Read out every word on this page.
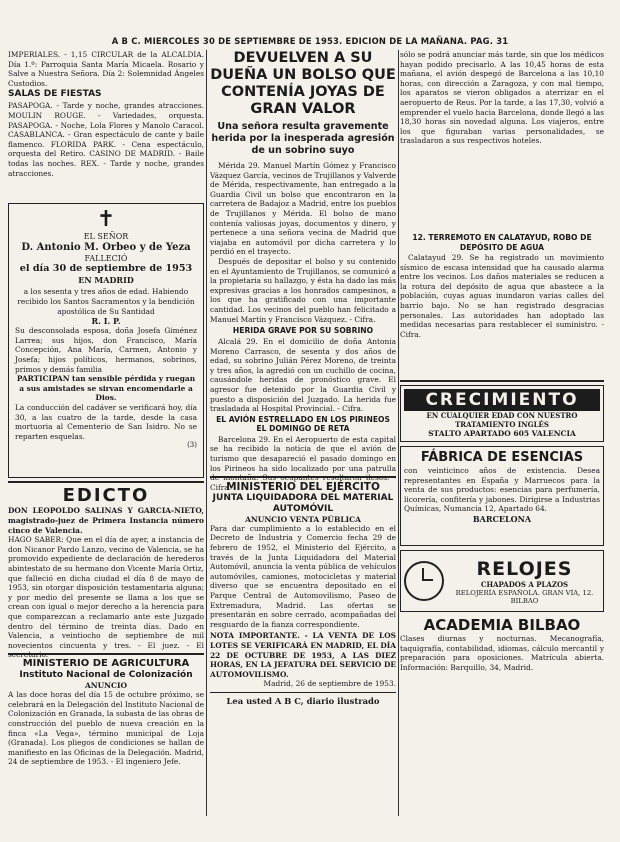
A B C. MIERCOLES 30 DE SEPTIEMBRE DE 1953. EDICION DE LA MAÑANA. PAG. 31

IMPERIALES. - 1,15 CIRCULAR de la ALCALDIA. Día 1.º: Parroquia Santa María Micaela. Rosario y Salve a Nuestra Señora. Día 2: Solemnidad Ángeles Custodios.

SALAS DE FIESTAS

PASAPOGA. - Tarde y noche, grandes atracciones. MOULIN ROUGE. - Variedades, orquesta. PASAPOGA. - Noche, Lola Flores y Manolo Caracol. CASABLANCA. - Gran espectáculo de cante y baile flamenco. FLORIDA PARK. - Cena espectáculo, orquesta del Retiro. CASINO DE MADRID. - Baile todas las noches. REX. - Tarde y noche, grandes atracciones.

✝
EL SEÑOR
D. Antonio M. Orbeo y de Yeza
FALLECIÓ
el día 30 de septiembre de 1953
EN MADRID

a los sesenta y tres años de edad. Habiendo recibido los Santos Sacramentos y la bendición apostólica de Su Santidad

R. I. P.

Su desconsolada esposa, doña Josefa Giménez Larrea; sus hijos, don Francisco, María Concepción, Ana María, Carmen, Antonio y Josefa; hijos políticos, hermanos, sobrinos, primos y demás familia

PARTICIPAN tan sensible pérdida y ruegan a sus amistades se sirvan encomendarle a Dios.

La conducción del cadáver se verificará hoy, día 30, a las cuatro de la tarde, desde la casa mortuoria al Cementerio de San Isidro. No se reparten esquelas.

(3)
EDICTO

DON LEOPOLDO SALINAS Y GARCIA-NIETO, magistrado-juez de Primera Instancia número cinco de Valencia.

HAGO SABER: Que en el día de ayer, a instancia de don Nicanor Pardo Lanzo, vecino de Valencia, se ha promovido expediente de declaración de herederos abintestato de su hermano don Vicente María Ortiz, que falleció en dicha ciudad el día 8 de mayo de 1953, sin otorgar disposición testamentaria alguna; y por medio del presente se llama a los que se crean con igual o mejor derecho a la herencia para que comparezcan a reclamarlo ante este Juzgado dentro del término de treinta días. Dado en Valencia, a veintiocho de septiembre de mil novecientos cincuenta y tres. - El juez. - El secretario.

MINISTERIO DE AGRICULTURA
Instituto Nacional de Colonización
ANUNCIO

A las doce horas del día 15 de octubre próximo, se celebrará en la Delegación del Instituto Nacional de Colonización en Granada, la subasta de las obras de construcción del pueblo de nueva creación en la finca «La Vega», término municipal de Loja (Granada). Los pliegos de condiciones se hallan de manifiesto en las Oficinas de la Delegación. Madrid, 24 de septiembre de 1953. - El ingeniero Jefe.

DEVUELVEN A SU DUEÑA UN BOLSO QUE CONTENÍA JOYAS DE GRAN VALOR
Una señora resulta gravemente herida por la inesperada agresión de un sobrino suyo

Mérida 29. Manuel Martín Gómez y Francisco Vázquez García, vecinos de Trujillanos y Valverde de Mérida, respectivamente, han entregado a la Guardia Civil un bolso que encontraron en la carretera de Badajoz a Madrid, entre los pueblos de Trujillanos y Mérida. El bolso de mano contenía valiosas joyas, documentos y dinero, y pertenece a una señora vecina de Madrid que viajaba en automóvil por dicha carretera y lo perdió en el trayecto.

Después de depositar el bolso y su contenido en el Ayuntamiento de Trujillanos, se comunicó a la propietaria su hallazgo, y ésta ha dado las más expresivas gracias a los honrados campesinos, a los que ha gratificado con una importante cantidad. Los vecinos del pueblo han felicitado a Manuel Martín y Francisco Vázquez. - Cifra.

HERIDA GRAVE POR SU SOBRINO

Alcalá 29. En el domicilio de doña Antonia Moreno Carrasco, de sesenta y dos años de edad, su sobrino Julián Pérez Moreno, de treinta y tres años, la agredió con un cuchillo de cocina, causándole heridas de pronóstico grave. El agresor fue detenido por la Guardia Civil y puesto a disposición del Juzgado. La herida fue trasladada al Hospital Provincial. - Cifra.

EL AVIÓN ESTRELLADO EN LOS PIRINEOS EL DOMINGO DE RETA

Barcelona 29. En el Aeropuerto de esta capital se ha recibido la noticia de que el avión de turismo que desapareció el pasado domingo en los Pirineos ha sido localizado por una patrulla de montaña. Sus ocupantes resultaron ilesos. - Cifra.

MINISTERIO DEL EJÉRCITO
JUNTA LIQUIDADORA DEL MATERIAL AUTOMÓVIL
ANUNCIO VENTA PÚBLICA

Para dar cumplimiento a lo establecido en el Decreto de Industria y Comercio fecha 29 de febrero de 1952, el Ministerio del Ejército, a través de la Junta Liquidadora del Material Automóvil, anuncia la venta pública de vehículos automóviles, camiones, motocicletas y material diverso que se encuentra depositado en el Parque Central de Automovilismo, Paseo de Extremadura, Madrid. Las ofertas se presentarán en sobre cerrado, acompañadas del resguardo de la fianza correspondiente.

NOTA IMPORTANTE. - LA VENTA DE LOS LOTES SE VERIFICARÁ EN MADRID, EL DÍA 22 DE OCTUBRE DE 1953, A LAS DIEZ HORAS, EN LA JEFATURA DEL SERVICIO DE AUTOMOVILISMO.

Madrid, 26 de septiembre de 1953.

Lea usted A B C, diario ilustrado

sólo se podrá anunciar más tarde, sin que los médicos hayan podido precisarlo. A las 10,45 horas de esta mañana, el avión despegó de Barcelona a las 10,10 horas, con dirección a Zaragoza, y con mal tiempo, los aparatos se vieron obligados a aterrizar en el aeropuerto de Reus. Por la tarde, a las 17,30, volvió a emprender el vuelo hacia Barcelona, donde llegó a las 18,30 horas sin novedad alguna. Los viajeros, entre los que figuraban varias personalidades, se trasladaron a sus respectivos hoteles.

12. TERREMOTO EN CALATAYUD, ROBO DE DEPÓSITO DE AGUA

Calatayud 29. Se ha registrado un movimiento sísmico de escasa intensidad que ha causado alarma entre los vecinos. Los daños materiales se reducen a la rotura del depósito de agua que abastece a la población, cuyas aguas inundaron varias calles del barrio bajo. No se han registrado desgracias personales. Las autoridades han adoptado las medidas necesarias para restablecer el suministro. - Cifra.

CRECIMIENTO
EN CUALQUIER EDAD CON NUESTRO TRATAMIENTO INGLÉS
STALTO APARTADO 605 VALENCIA
FÁBRICA DE ESENCIAS

con veinticinco años de existencia. Desea representantes en España y Marruecos para la venta de sus productos: esencias para perfumería, licorería, confitería y jabones. Dirigirse a Industrias Químicas, Numancia 12, Apartado 64.

BARCELONA
RELOJES
CHAPADOS A PLAZOS
RELOJERÍA ESPAÑOLA. GRAN VÍA, 12. BILBAO
ACADEMIA BILBAO

Clases diurnas y nocturnas. Mecanografía, taquigrafía, contabilidad, idiomas, cálculo mercantil y preparación para oposiciones. Matrícula abierta. Información: Barquillo, 34, Madrid.
